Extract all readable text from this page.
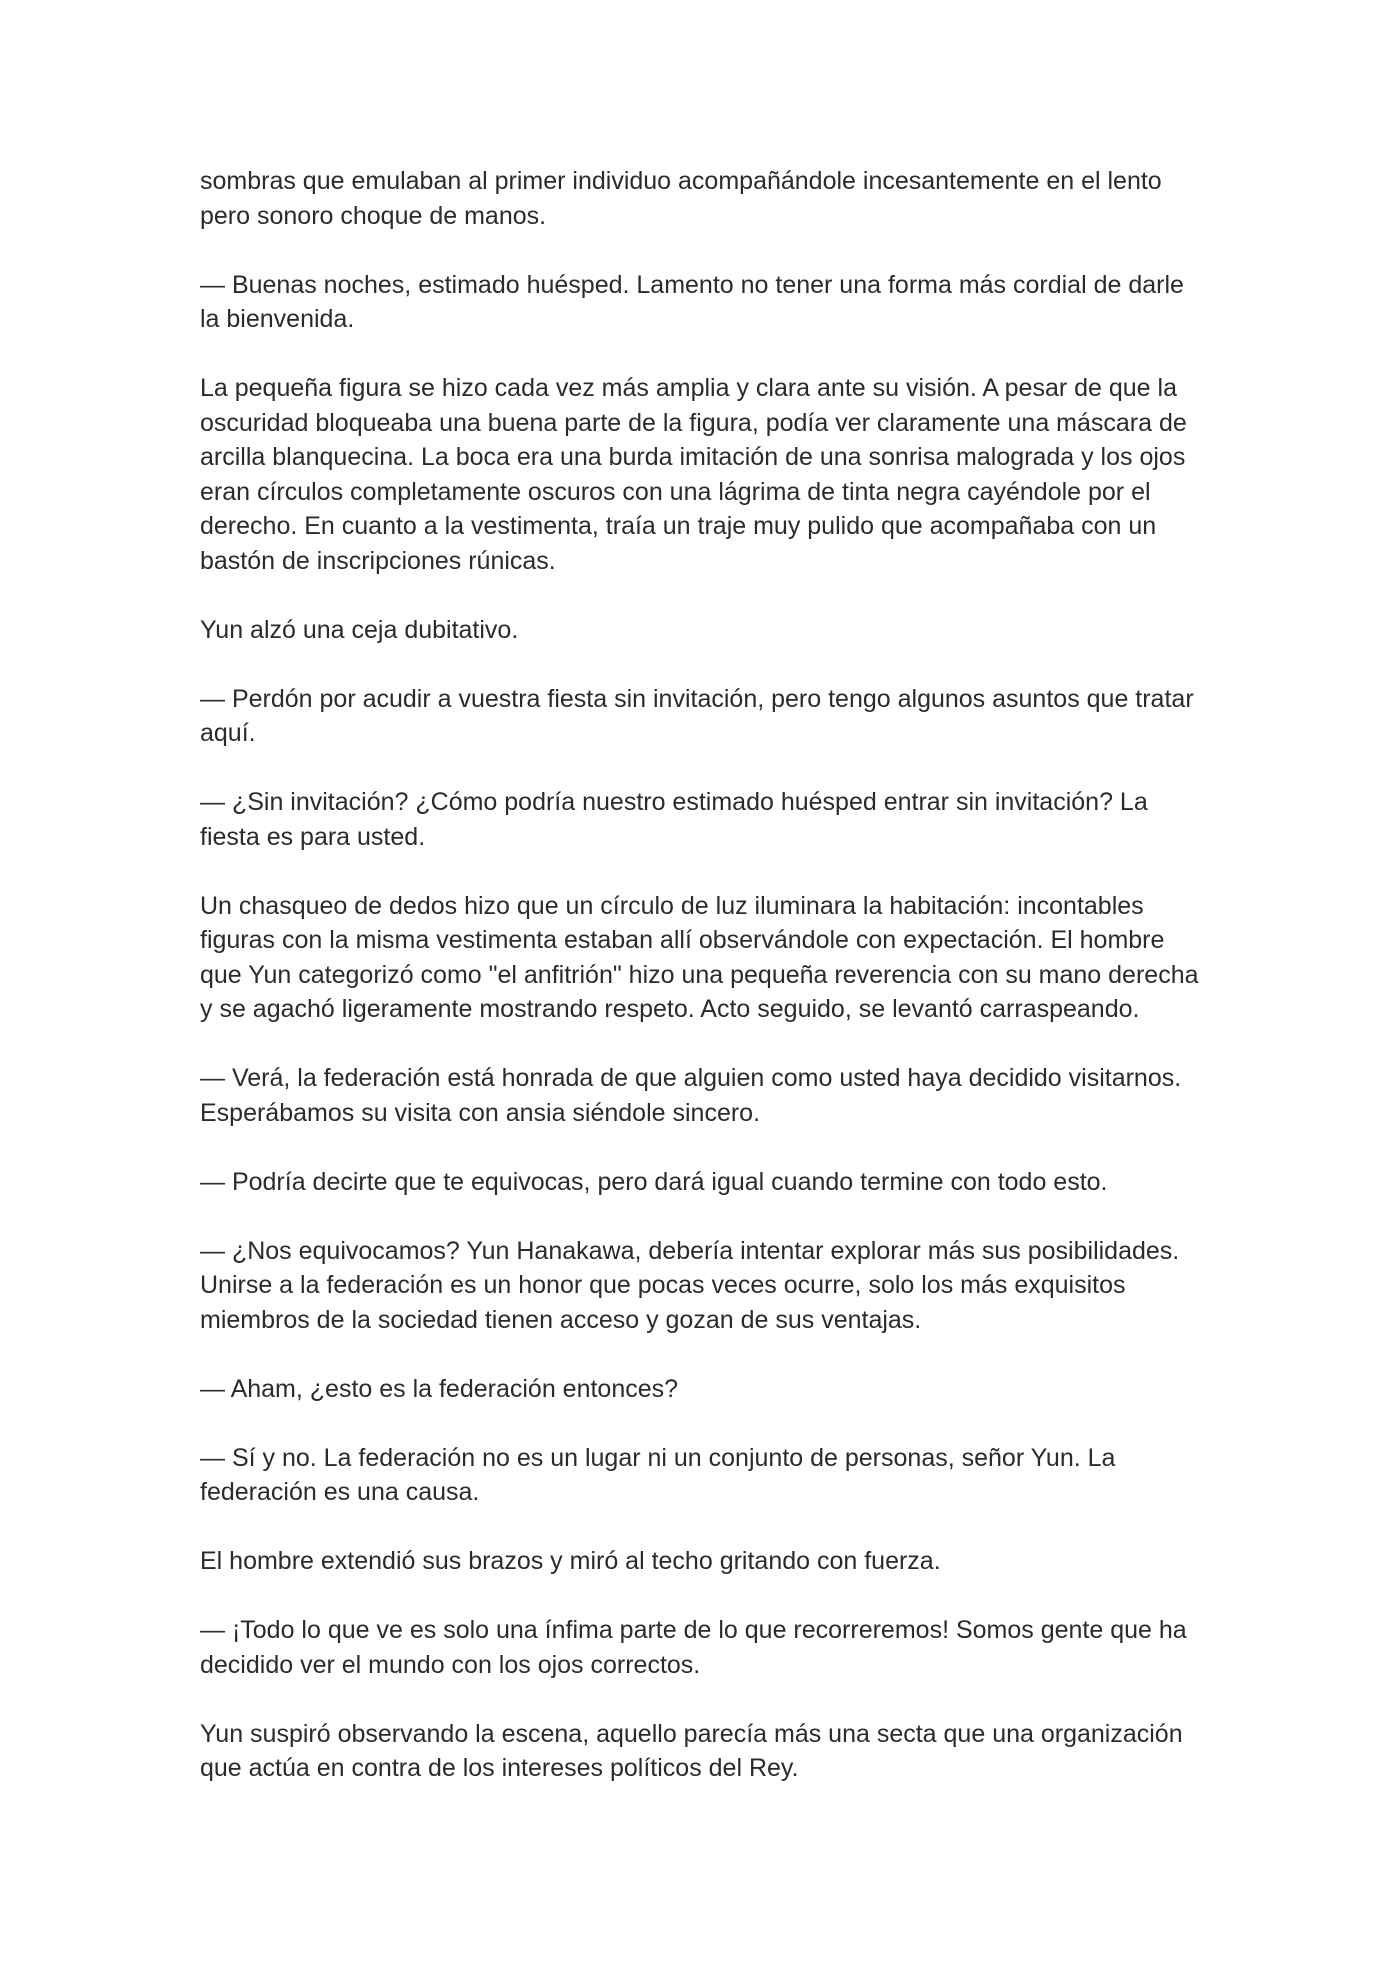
sombras que emulaban al primer individuo acompañándole incesantemente en el lento pero sonoro choque de manos.

— Buenas noches, estimado huésped. Lamento no tener una forma más cordial de darle la bienvenida.

La pequeña figura se hizo cada vez más amplia y clara ante su visión. A pesar de que la oscuridad bloqueaba una buena parte de la figura, podía ver claramente una máscara de arcilla blanquecina. La boca era una burda imitación de una sonrisa malograda y los ojos eran círculos completamente oscuros con una lágrima de tinta negra cayéndole por el derecho. En cuanto a la vestimenta, traía un traje muy pulido que acompañaba con un bastón de inscripciones rúnicas.

Yun alzó una ceja dubitativo.

— Perdón por acudir a vuestra fiesta sin invitación, pero tengo algunos asuntos que tratar aquí.

— ¿Sin invitación? ¿Cómo podría nuestro estimado huésped entrar sin invitación? La fiesta es para usted.

Un chasqueo de dedos hizo que un círculo de luz iluminara la habitación: incontables figuras con la misma vestimenta estaban allí observándole con expectación. El hombre que Yun categorizó como "el anfitrión" hizo una pequeña reverencia con su mano derecha y se agachó ligeramente mostrando respeto. Acto seguido, se levantó carraspeando.

— Verá, la federación está honrada de que alguien como usted haya decidido visitarnos. Esperábamos su visita con ansia siéndole sincero.

— Podría decirte que te equivocas, pero dará igual cuando termine con todo esto.

— ¿Nos equivocamos? Yun Hanakawa, debería intentar explorar más sus posibilidades. Unirse a la federación es un honor que pocas veces ocurre, solo los más exquisitos miembros de la sociedad tienen acceso y gozan de sus ventajas.

— Aham, ¿esto es la federación entonces?

— Sí y no. La federación no es un lugar ni un conjunto de personas, señor Yun. La federación es una causa.

El hombre extendió sus brazos y miró al techo gritando con fuerza.

— ¡Todo lo que ve es solo una ínfima parte de lo que recorreremos! Somos gente que ha decidido ver el mundo con los ojos correctos.

Yun suspiró observando la escena, aquello parecía más una secta que una organización que actúa en contra de los intereses políticos del Rey.
